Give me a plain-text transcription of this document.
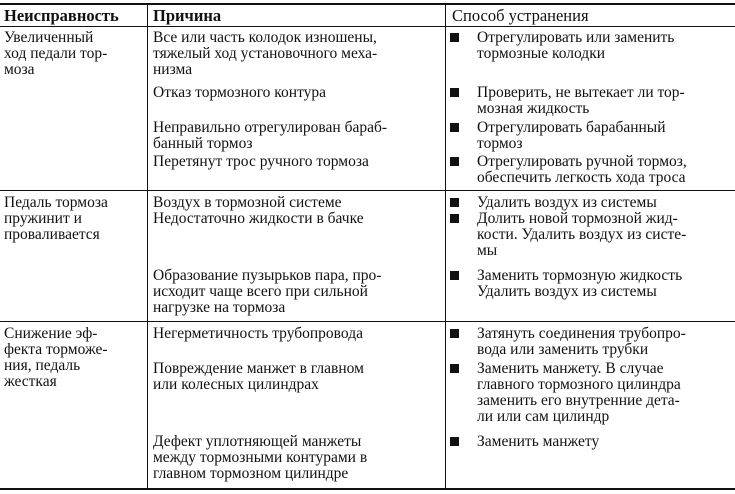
Неисправность Причина	Способ устранения
Увеличенный
ход педали тор-
моза
Все или часть колодок изношены,
тяжелый ход установочного меха-
низма
Отказ тормозного контура
Неправильно отрегулирован бараб-
банный тормоз
Перетянут трос ручного тормоза
Отрегулировать или заменить
тормозные колодки
Проверить, не вытекает ли тор-
мозная жидкость
Отрегулировать барабанный
тормоз
Отрегулировать ручной тормоз,
обеспечить легкость хода троса
Педаль тормоза
пружинит и
проваливается
Воздух в тормозной системе
Недостаточно жидкости в бачке
Образование пузырьков пара, про-
исходит чаще всего при сильной
нагрузке на тормоза
Удалить воздух из системы
Долить новой тормозной жид-
кости. Удалить воздух из систе-
мы
Заменить тормозную жидкость
Удалить воздух из системы
Снижение эф-
фекта торможе-
ния, педаль
жесткая
Негерметичность трубопровода
Повреждение манжет в главном
или колесных цилиндрах
Дефект уплотняющей манжеты
между тормозными контурами в
главном тормозном цилиндре
Затянуть соединения трубопро-
вода или заменить трубки
Заменить манжету. В случае
главного тормозного цилиндра
заменить его внутренние дета-
ли или сам цилиндр
Заменить манжету
